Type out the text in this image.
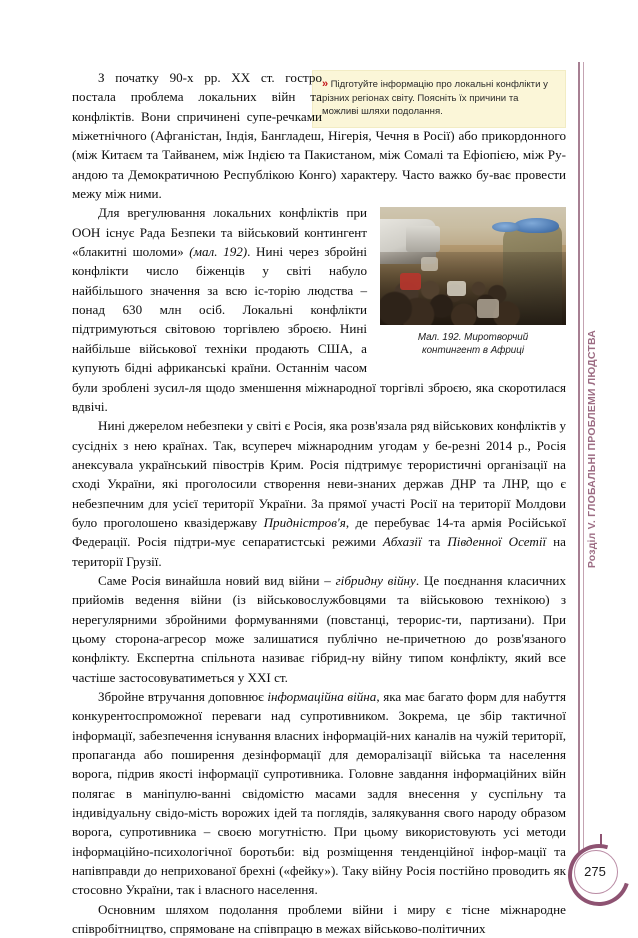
Розділ V. ГЛОБАЛЬНІ ПРОБЛЕМИ ЛЮДСТВА
» Підготуйте інформацію про локальні конфлікти у різних регіонах світу. Поясніть їх причини та можливі шляхи подолання.

З початку 90-х рр. ХХ ст. гостро постала проблема локальних війн та конфліктів. Вони спричинені супе-речками міжетнічного (Афганістан, Індія, Бангладеш, Нігерія, Чечня в Росії) або прикордонного (між Китаєм та Тайванем, між Індією та Пакистаном, між Сомалі та Ефіопією, між Ру-андою та Демократичною Республікою Конго) характеру. Часто важко бу-ває провести межу між ними.

Мал. 192. Миротворчий
контингент в Африці

Для врегулювання локальних конфліктів при ООН існує Рада Безпеки та військовий контингент «блакитні шоломи» (мал. 192). Нині через збройні конфлікти число біженців у світі набуло найбільшого значення за всю іс-торію людства – понад 630 млн осіб. Локальні конфлікти підтримуються світовою торгівлею зброєю. Нині найбільше військової техніки продають США, а купують бідні африканські країни. Останнім часом були зроблені зусил-ля щодо зменшення міжнародної торгівлі зброєю, яка скоротилася вдвічі.

Нині джерелом небезпеки у світі є Росія, яка розв'язала ряд військових конфліктів у сусідніх з нею країнах. Так, всупереч міжнародним угодам у бе-резні 2014 р., Росія анексувала український півострів Крим. Росія підтримує терористичні організації на сході України, які проголосили створення неви-знаних держав ДНР та ЛНР, що є небезпечним для усієї території України. За прямої участі Росії на території Молдови було проголошено квазідержаву Придністров'я, де перебуває 14-та армія Російської Федерації. Росія підтри-мує сепаратистські режими Абхазії та Південної Осетії на території Грузії.

Саме Росія винайшла новий вид війни – гібридну війну. Це поєднання класичних прийомів ведення війни (із військовослужбовцями та військовою технікою) з нерегулярними збройними формуваннями (повстанці, терорис-ти, партизани). При цьому сторона-агресор може залишатися публічно не-причетною до розв'язаного конфлікту. Експертна спільнота називає гібрид-ну війну типом конфлікту, який все частіше застосовуватиметься у ХХІ ст.

Збройне втручання доповнює інформаційна війна, яка має багато форм для набуття конкурентоспроможної переваги над супротивником. Зокрема, це збір тактичної інформації, забезпечення існування власних інформацій-них каналів на чужій території, пропаганда або поширення дезінформації для деморалізації війська та населення ворога, підрив якості інформації супротивника. Головне завдання інформаційних війн полягає в маніпулю-ванні свідомістю масами задля внесення у суспільну та індивідуальну свідо-мість ворожих ідей та поглядів, залякування свого народу образом ворога, супротивника – своєю могутністю. При цьому використовують усі методи інформаційно-психологічної боротьби: від розміщення тенденційної інфор-мації та напівправди до неприхованої брехні («фейку»). Таку війну Росія постійно проводить як стосовно України, так і власного населення.

Основним шляхом подолання проблеми війни і миру є тісне міжнародне співробітництво, спрямоване на співпрацю в межах військово-політичних

275
